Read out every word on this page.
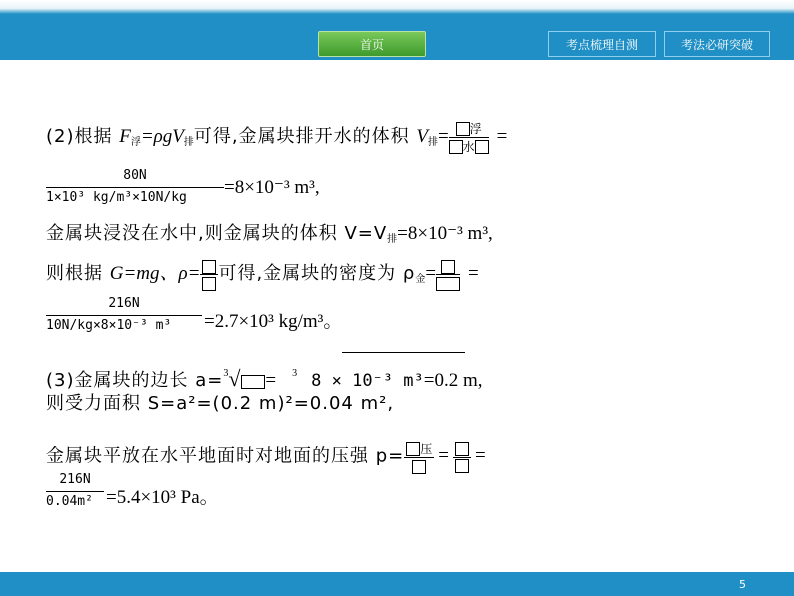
首页	考点梳理自测	考法必研突破
(2)根据 $F_浮=\rho gV_排$可得,金属块排开水的体积 $V_排= \frac{\text{浮}}{\text{水}}$ =
80N
1×10³ kg/m³×10N/kg =8×10⁻³ m³,
金属块浸没在水中,则金属块的体积 $V=V_排=8\times 10^{-3}$ m³,
则根据 G=mg、ρ= 可得,金属块的密度为 $\rho_金=$ =
216N
10N/kg×8×10⁻³ m³ =2.7×10³ kg/m³。
(3)金属块的边长 a=$^3$√ = $^3$ 8 × 10⁻³ m³=0.2 m,
则受力面积 S=a²=(0.2 m)²=0.04 m²,
金属块平放在水平地面时对地面的压强 p=	压 = =
216N
0.04m² =5.4×10³ Pa。
5
